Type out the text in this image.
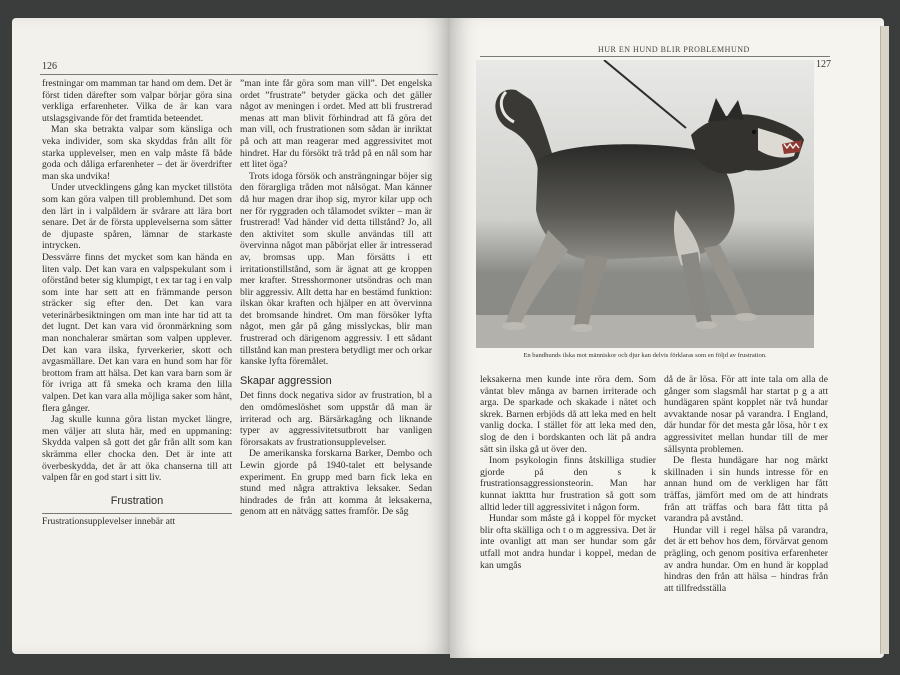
126

frestningar om mamman tar hand om dem. Det är först tiden därefter som valpar börjar göra sina verkliga erfarenheter. Vilka de är kan vara utslagsgivande för det framtida beteendet.

Man ska betrakta valpar som känsliga och veka individer, som ska skyddas från allt för starka upplevelser, men en valp måste få både goda och dåliga erfarenheter – det är överdrifter man ska undvika!

Under utvecklingens gång kan mycket tillstöta som kan göra valpen till problemhund. Det som den lärt in i valpåldern är svårare att lära bort senare. Det är de första upplevelserna som sätter de djupaste spåren, lämnar de starkaste intrycken.

Dessvärre finns det mycket som kan hända en liten valp. Det kan vara en valpspekulant som i oförstånd beter sig klumpigt, t ex tar tag i en valp som inte har sett att en främmande person sträcker sig efter den. Det kan vara veterinärbesiktningen om man inte har tid att ta det lugnt. Det kan vara vid öronmärkning som man nonchalerar smärtan som valpen upplever. Det kan vara ilska, fyrverkerier, skott och avgasmällare. Det kan vara en hund som har för brottom fram att hälsa. Det kan vara barn som är för ivriga att få smeka och krama den lilla valpen. Det kan vara alla möjliga saker som hänt, flera gånger.

Jag skulle kunna göra listan mycket längre, men väljer att sluta här, med en uppmaning: Skydda valpen så gott det går från allt som kan skrämma eller chocka den. Det är inte att överbeskydda, det är att öka chanserna till att valpen får en god start i sitt liv.

Frustration

Frustrationsupplevelser innebär att

”man inte får göra som man vill”. Det engelska ordet ”frustrate” betyder gäcka och det gäller något av meningen i ordet. Med att bli frustrerad menas att man blivit förhindrad att få göra det man vill, och frustrationen som sådan är inriktat på och att man reagerar med aggressivitet mot hindret. Har du försökt trä tråd på en nål som har ett litet öga?

Trots idoga försök och ansträngningar böjer sig den förargliga tråden mot nålsögat. Man känner då hur magen drar ihop sig, myror kilar upp och ner för ryggraden och tålamodet svikter – man är frustrerad! Vad händer vid detta tillstånd? Jo, all den aktivitet som skulle användas till att övervinna något man påbörjat eller är intresserad av, bromsas upp. Man försätts i ett irritationstillstånd, som är ägnat att ge kroppen mer krafter. Stresshormoner utsöndras och man blir aggressiv. Allt detta har en bestämd funktion: ilskan ökar kraften och hjälper en att övervinna det bromsande hindret. Om man försöker lyfta något, men går på gång misslyckas, blir man frustrerad och därigenom aggressiv. I ett sådant tillstånd kan man prestera betydligt mer och orkar kanske lyfta föremålet.

Skapar aggression

Det finns dock negativa sidor av frustration, bl a den omdömeslöshet som uppstår då man är irriterad och arg. Bärsärkagång och liknande typer av aggressivitetsutbrott har vanligen förorsakats av frustrationsupplevelser.

De amerikanska forskarna Barker, Dembo och Lewin gjorde på 1940-talet ett belysande experiment. En grupp med barn fick leka en stund med några attraktiva leksaker. Sedan hindrades de från att komma åt leksakerna, genom att en nätvägg sattes framför. De såg

HUR EN HUND BLIR PROBLEMHUND
127

leksakerna men kunde inte röra dem. Som väntat blev många av barnen irriterade och arga. De sparkade och skakade i nätet och skrek. Barnen erbjöds då att leka med en helt vanlig docka. I stället för att leka med den, slog de den i bordskanten och lät på andra sätt sin ilska gå ut över den.

Inom psykologin finns åtskilliga studier gjorde på den s k frustrationsaggressionsteorin. Man har kunnat iakttta hur frustration så gott som alltid leder till aggressivitet i någon form.

Hundar som måste gå i koppel för mycket blir ofta skälliga och t o m aggressiva. Det är inte ovanligt att man ser hundar som går utfall mot andra hundar i koppel, medan de kan umgås

då de är lösa. För att inte tala om alla de gånger som slagsmål har startat p g a att hundägaren spänt kopplet när två hundar avvaktande nosar på varandra. I England, där hundar för det mesta går lösa, hör t ex aggressivitet mellan hundar till de mer sällsynta problemen.

De flesta hundägare har nog märkt skillnaden i sin hunds intresse för en annan hund om de verkligen har fått träffas, jämfört med om de att hindrats från att träffas och bara fått titta på varandra på avstånd.

Hundar vill i regel hälsa på varandra, det är ett behov hos dem, förvärvat genom prägling, och genom positiva erfarenheter av andra hundar. Om en hund är kopplad hindras den från att hälsa – hindras från att tillfredsställa

En bandhunds ilska mot människor och djur kan delvis förklaras som en följd av frustration.
